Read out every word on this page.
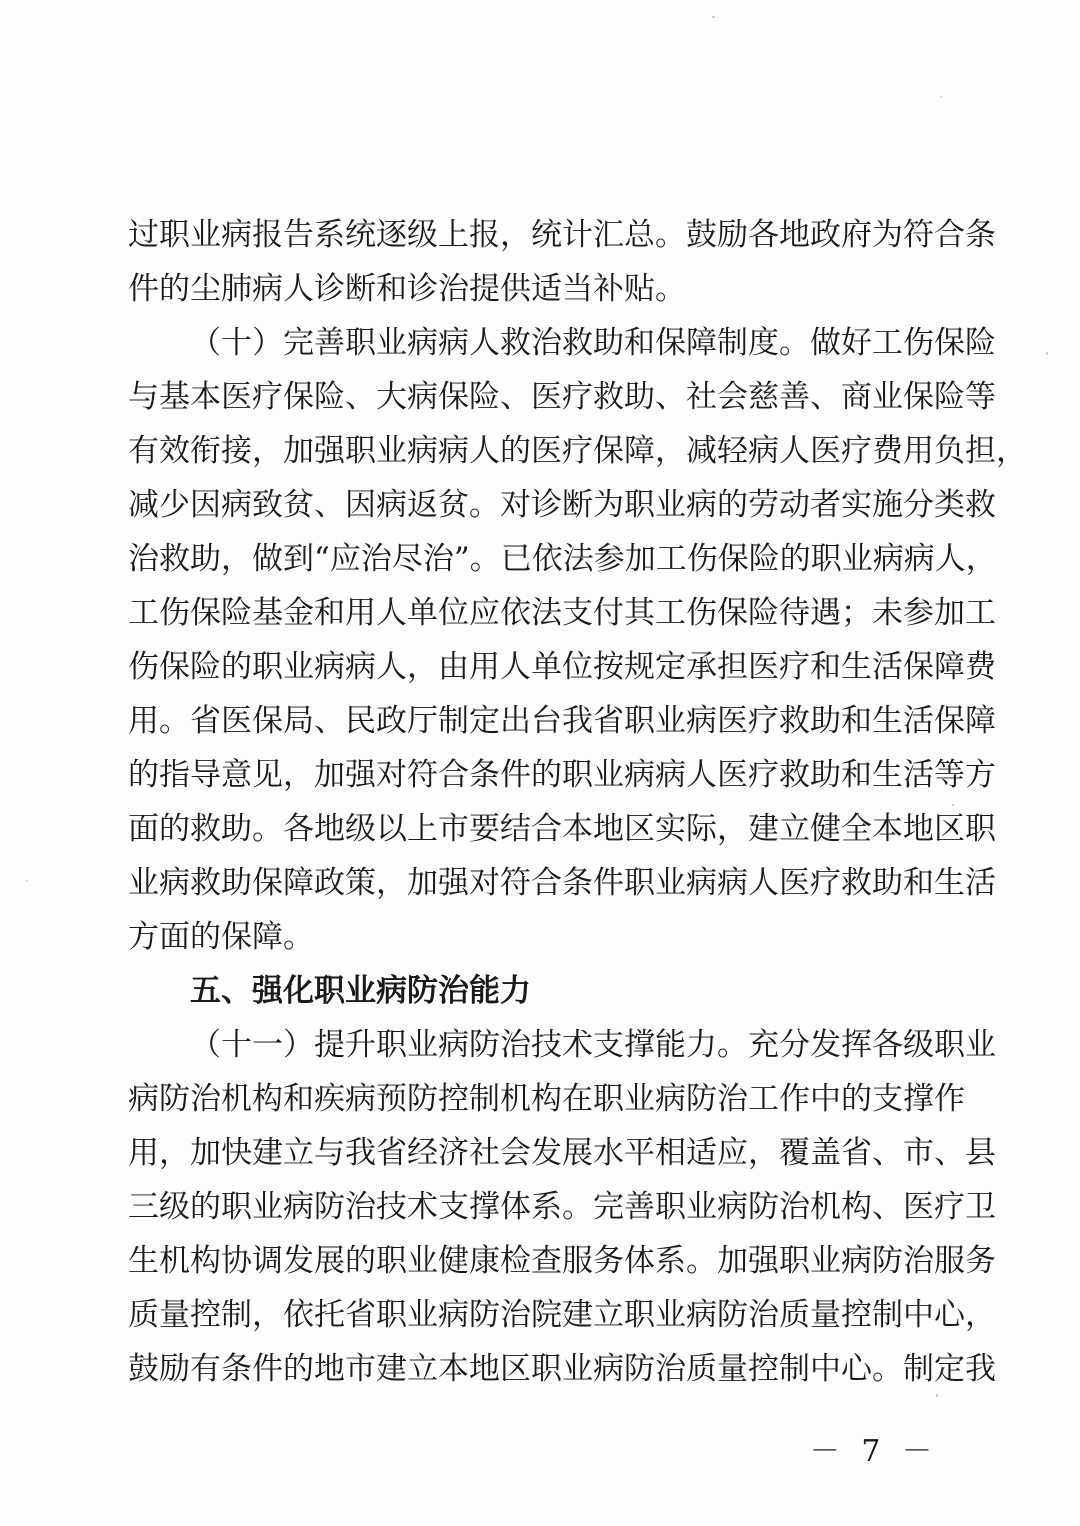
过职业病报告系统逐级上报，统计汇总。鼓励各地政府为符合条
件的尘肺病人诊断和诊治提供适当补贴。
（十）完善职业病病人救治救助和保障制度。做好工伤保险
与基本医疗保险、大病保险、医疗救助、社会慈善、商业保险等
有效衔接，加强职业病病人的医疗保障，减轻病人医疗费用负担，
减少因病致贫、因病返贫。对诊断为职业病的劳动者实施分类救
治救助，做到“应治尽治”。已依法参加工伤保险的职业病病人，
工伤保险基金和用人单位应依法支付其工伤保险待遇；未参加工
伤保险的职业病病人，由用人单位按规定承担医疗和生活保障费
用。省医保局、民政厅制定出台我省职业病医疗救助和生活保障
的指导意见，加强对符合条件的职业病病人医疗救助和生活等方
面的救助。各地级以上市要结合本地区实际，建立健全本地区职
业病救助保障政策，加强对符合条件职业病病人医疗救助和生活
方面的保障。
五、强化职业病防治能力
（十一）提升职业病防治技术支撑能力。充分发挥各级职业
病防治机构和疾病预防控制机构在职业病防治工作中的支撑作
用，加快建立与我省经济社会发展水平相适应，覆盖省、市、县
三级的职业病防治技术支撑体系。完善职业病防治机构、医疗卫
生机构协调发展的职业健康检查服务体系。加强职业病防治服务
质量控制，依托省职业病防治院建立职业病防治质量控制中心，
鼓励有条件的地市建立本地区职业病防治质量控制中心。制定我
－ 7 －
